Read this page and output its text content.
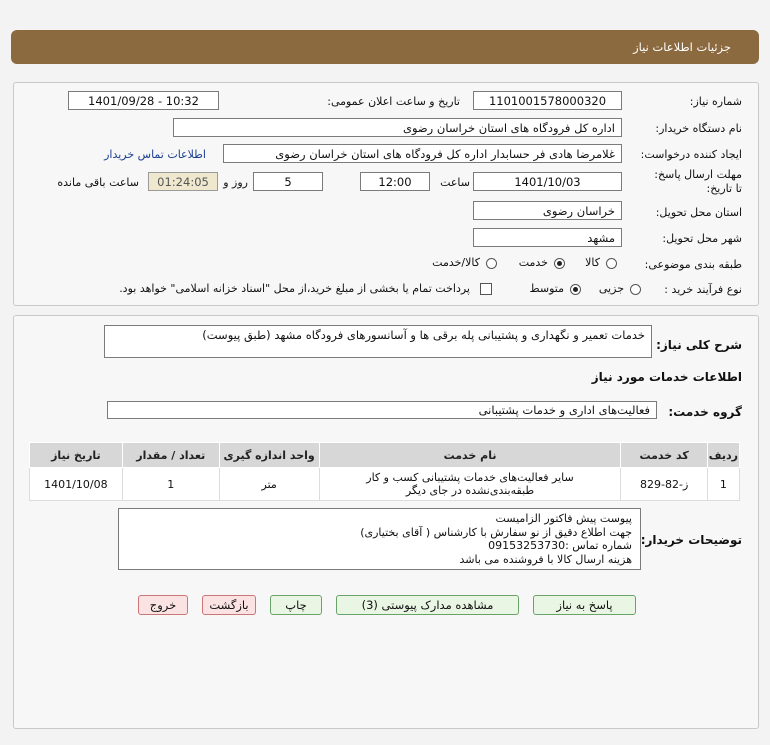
جزئیات اطلاعات نیاز
شماره نیاز:
1101001578000320
تاریخ و ساعت اعلان عمومی:
1401/09/28 - 10:32
نام دستگاه خریدار:
اداره کل فرودگاه های استان خراسان رضوی
ایجاد کننده درخواست:
غلامرضا هادی فر حسابدار اداره کل فرودگاه های استان خراسان رضوی
اطلاعات تماس خریدار
مهلت ارسال پاسخ: تا تاریخ:
1401/10/03
ساعت
12:00
5
روز و
01:24:05
ساعت باقی مانده
استان محل تحویل:
خراسان رضوی
شهر محل تحویل:
مشهد
طبقه بندی موضوعی:
کالا
خدمت
کالا/خدمت
نوع فرآیند خرید :
جزیی
متوسط
پرداخت تمام یا بخشی از مبلغ خرید،از محل "اسناد خزانه اسلامی" خواهد بود.
شرح کلی نیاز:
خدمات تعمیر و نگهداری و پشتیبانی پله برقی ها و آسانسورهای فرودگاه مشهد (طبق پیوست)
اطلاعات خدمات مورد نیاز
گروه خدمت:
فعالیت‌های اداری و خدمات پشتیبانی
ردیف	کد خدمت	نام خدمت	واحد اندازه گیری	تعداد / مقدار	تاریخ نیاز
1	ز-82-829	سایر فعالیت‌های خدمات پشتیبانی کسب و کار
طبقه‌بندی‌نشده در جای دیگر	متر	1	1401/10/08
توضیحات خریدار:
پیوست پیش فاکتور الزامیست
جهت اطلاع دقیق از نو سفارش با کارشناس ( آقای بختیاری)
شماره تماس :09153253730
هزینه ارسال کالا با فروشنده می باشد
پاسخ به نیاز
مشاهده مدارک پیوستی (3)
چاپ
بازگشت
خروج
